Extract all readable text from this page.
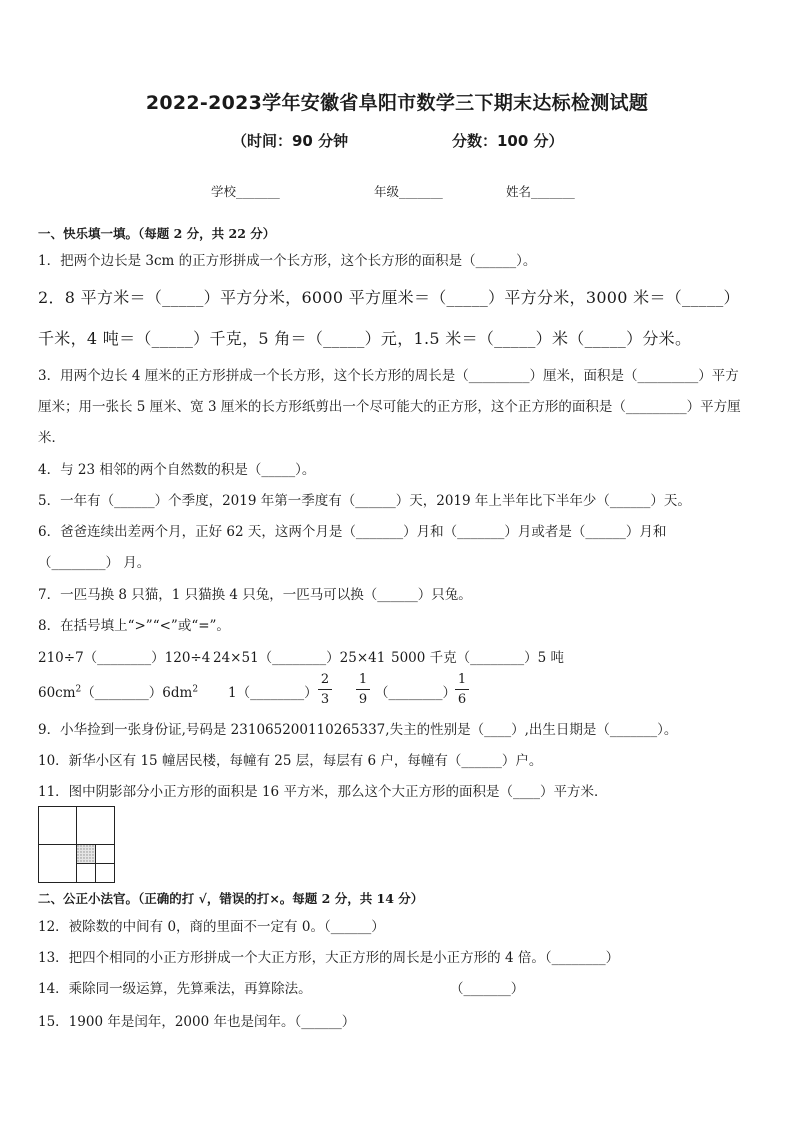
2022-2023学年安徽省阜阳市数学三下期末达标检测试题
（时间：90 分钟	分数：100 分）
学校_______	年级_______	姓名_______
一、快乐填一填。（每题 2 分，共 22 分）
1．把两个边长是 3cm 的正方形拼成一个长方形，这个长方形的面积是（______）。
2．8 平方米＝（_____）平方分米，6000 平方厘米＝（_____）平方分米，3000 米＝（_____）
千米，4 吨＝（_____）千克，5 角＝（_____）元，1.5 米＝（_____）米（_____）分米。
3．用两个边长 4 厘米的正方形拼成一个长方形，这个长方形的周长是（_________）厘米，面积是（_________）平方
厘米；用一张长 5 厘米、宽 3 厘米的长方形纸剪出一个尽可能大的正方形，这个正方形的面积是（_________）平方厘
米．
4．与 23 相邻的两个自然数的积是（_____）。
5．一年有（______）个季度，2019 年第一季度有（______）天，2019 年上半年比下半年少（______）天。
6．爸爸连续出差两个月，正好 62 天，这两个月是（_______）月和（_______）月或者是（______）月和
（________） 月。
7．一匹马换 8 只猫，1 只猫换 4 只兔，一匹马可以换（______）只兔。
8．在括号填上“>”“<”或“=”。
210÷7（________）120÷4 24×51（________）25×41 5000 千克（________）5 吨
$60cm^2(\_\_\_\_\_\_\_\_)6dm^2$ 1（________）
2
3
1
9 （________）
1
6
9．小华捡到一张身份证,号码是 231065200110265337,失主的性别是（____）,出生日期是（_______）。
10．新华小区有 15 幢居民楼，每幢有 25 层，每层有 6 户，每幢有（______）户。
11．图中阴影部分小正方形的面积是 16 平方米，那么这个大正方形的面积是（____）平方米．
二、公正小法官。（正确的打 √，错误的打×。每题 2 分，共 14 分）
12．被除数的中间有 0，商的里面不一定有 0。（______）
13．把四个相同的小正方形拼成一个大正方形，大正方形的周长是小正方形的 4 倍。（________）
14．乘除同一级运算，先算乘法，再算除法。	（_______）
15．1900 年是闰年，2000 年也是闰年。（______）
